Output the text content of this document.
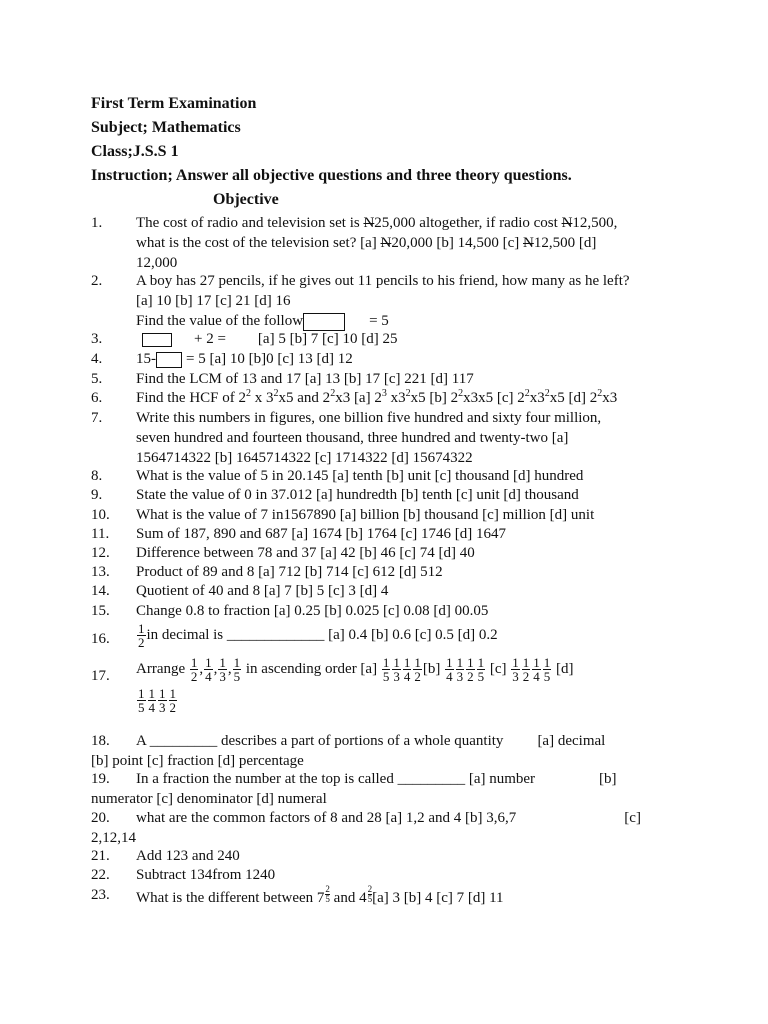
First Term Examination
Subject; Mathematics
Class;J.S.S 1
Instruction; Answer all objective questions and three theory questions.
Objective
1. The cost of radio and television set is N25,000 altogether, if radio cost N12,500,
what is the cost of the television set? [a] N20,000 [b] 14,500 [c] N12,500 [d]
12,000
2. A boy has 27 pencils, if he gives out 11 pencils to his friend, how many as he left?
[a] 10 [b] 17 [c] 21 [d] 16
Find the value of the follow	= 5
3.	+ 2 = [a] 5 [b] 7 [c] 10 [d] 25
4. 15- = 5 [a] 10 [b]0 [c] 13 [d] 12
5. Find the LCM of 13 and 17 [a] 13 [b] 17 [c] 221 [d] 117
6. Find the HCF of $2^2$ x $3^2x5$ and $2^2x3$ [a] $2^3$ $x3^2x5$ [b] $2^2x3x5$ [c] $2^2x3^2x5$ [d] $2^2x3$
7. Write this numbers in figures, one billion five hundred and sixty four million,
seven hundred and fourteen thousand, three hundred and twenty-two [a]
1564714322 [b] 1645714322 [c] 1714322 [d] 15674322
8. What is the value of 5 in 20.145 [a] tenth [b] unit [c] thousand [d] hundred
9. State the value of 0 in 37.012 [a] hundredth [b] tenth [c] unit [d] thousand
10. What is the value of 7 in1567890 [a] billion [b] thousand [c] million [d] unit
11. Sum of 187, 890 and 687 [a] 1674 [b] 1764 [c] 1746 [d] 1647
12. Difference between 78 and 37 [a] 42 [b] 46 [c] 74 [d] 40
13. Product of 89 and 8 [a] 712 [b] 714 [c] 612 [d] 512
14. Quotient of 40 and 8 [a] 7 [b] 5 [c] 3 [d] 4
15. Change 0.8 to fraction [a] 0.25 [b] 0.025 [c] 0.08 [d] 00.05
16. $\frac{1}{2}$ in decimal is _____________ [a] 0.4 [b] 0.6 [c] 0.5 [d] 0.2
17. Arrange $\frac{1}{2}$ , $\frac{1}{4}$ , $\frac{1}{3}$ , $\frac{1}{5}$ in ascending order $[a] \frac{1}{5} \frac{1}{3} \frac{1}{4} \frac{1}{2} [b] \frac{1}{4} \frac{1}{3} \frac{1}{2} \frac{1}{5} [c] \frac{1}{3} \frac{1}{2} \frac{1}{4} \frac{1}{5} [d]$
$\frac{1}{5} \frac{1}{4} \frac{1}{3} \frac{1}{2}$
18. A _________ describes a part of portions of a whole quantity [a] decimal
[b] point [c] fraction [d] percentage
19. In a fraction the number at the top is called _________ [a] number	[b]
numerator [c] denominator [d] numeral
20. what are the common factors of 8 and 28 [a] 1,2 and 4 [b] 3,6,7	[c]
2,12,14
21. Add 123 and 240
22. Subtract 134from 1240
23. What is the different between $7 \frac{2}{5}$ and $4 \frac{2}{5} [a]$ 3 [b] 4 [c] 7 [d] 11
